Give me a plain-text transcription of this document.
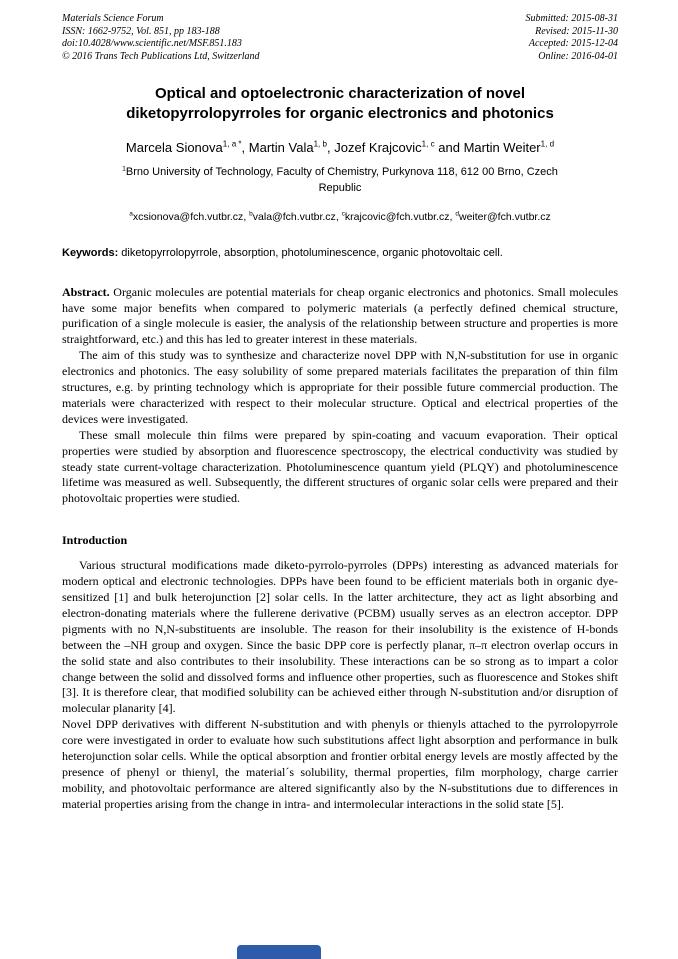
Materials Science Forum
ISSN: 1662-9752, Vol. 851, pp 183-188
doi:10.4028/www.scientific.net/MSF.851.183
© 2016 Trans Tech Publications Ltd, Switzerland
Submitted: 2015-08-31
Revised: 2015-11-30
Accepted: 2015-12-04
Online: 2016-04-01
Optical and optoelectronic characterization of novel diketopyrrolopyrroles for organic electronics and photonics
Marcela Sionova$^{1, a *}$, Martin Vala$^{1, b}$, Jozef Krajcovic$^{1, c}$ and Martin Weiter$^{1, d}$
$^1$Brno University of Technology, Faculty of Chemistry, Purkynova 118, 612 00 Brno, Czech Republic
$^a$xcsionova@fch.vutbr.cz, $^b$vala@fch.vutbr.cz, $^c$krajcovic@fch.vutbr.cz, $^d$weiter@fch.vutbr.cz
Keywords: diketopyrrolopyrrole, absorption, photoluminescence, organic photovoltaic cell.

Abstract. Organic molecules are potential materials for cheap organic electronics and photonics. Small molecules have some major benefits when compared to polymeric materials (a perfectly defined chemical structure, purification of a single molecule is easier, the analysis of the relationship between structure and properties is more straightforward, etc.) and this has led to greater interest in these materials.

The aim of this study was to synthesize and characterize novel DPP with N,N-substitution for use in organic electronics and photonics. The easy solubility of some prepared materials facilitates the preparation of thin film structures, e.g. by printing technology which is appropriate for their possible future commercial production. The materials were characterized with respect to their molecular structure. Optical and electrical properties of the devices were investigated.

These small molecule thin films were prepared by spin-coating and vacuum evaporation. Their optical properties were studied by absorption and fluorescence spectroscopy, the electrical conductivity was studied by steady state current-voltage characterization. Photoluminescence quantum yield (PLQY) and photoluminescence lifetime was measured as well. Subsequently, the different structures of organic solar cells were prepared and their photovoltaic properties were studied.

Introduction

Various structural modifications made diketo-pyrrolo-pyrroles (DPPs) interesting as advanced materials for modern optical and electronic technologies. DPPs have been found to be efficient materials both in organic dye-sensitized [1] and bulk heterojunction [2] solar cells. In the latter architecture, they act as light absorbing and electron-donating materials where the fullerene derivative (PCBM) usually serves as an electron acceptor. DPP pigments with no N,N-substituents are insoluble. The reason for their insolubility is the existence of H-bonds between the –NH group and oxygen. Since the basic DPP core is perfectly planar, π–π electron overlap occurs in the solid state and also contributes to their insolubility. These interactions can be so strong as to impart a color change between the solid and dissolved forms and influence other properties, such as fluorescence and Stokes shift [3]. It is therefore clear, that modified solubility can be achieved either through N-substitution and/or disruption of molecular planarity [4].

Novel DPP derivatives with different N-substitution and with phenyls or thienyls attached to the pyrrolopyrrole core were investigated in order to evaluate how such substitutions affect light absorption and performance in bulk heterojunction solar cells. While the optical absorption and frontier orbital energy levels are mostly affected by the presence of phenyl or thienyl, the material´s solubility, thermal properties, film morphology, charge carrier mobility, and photovoltaic performance are altered significantly also by the N-substitutions due to differences in material properties arising from the change in intra- and intermolecular interactions in the solid state [5].
